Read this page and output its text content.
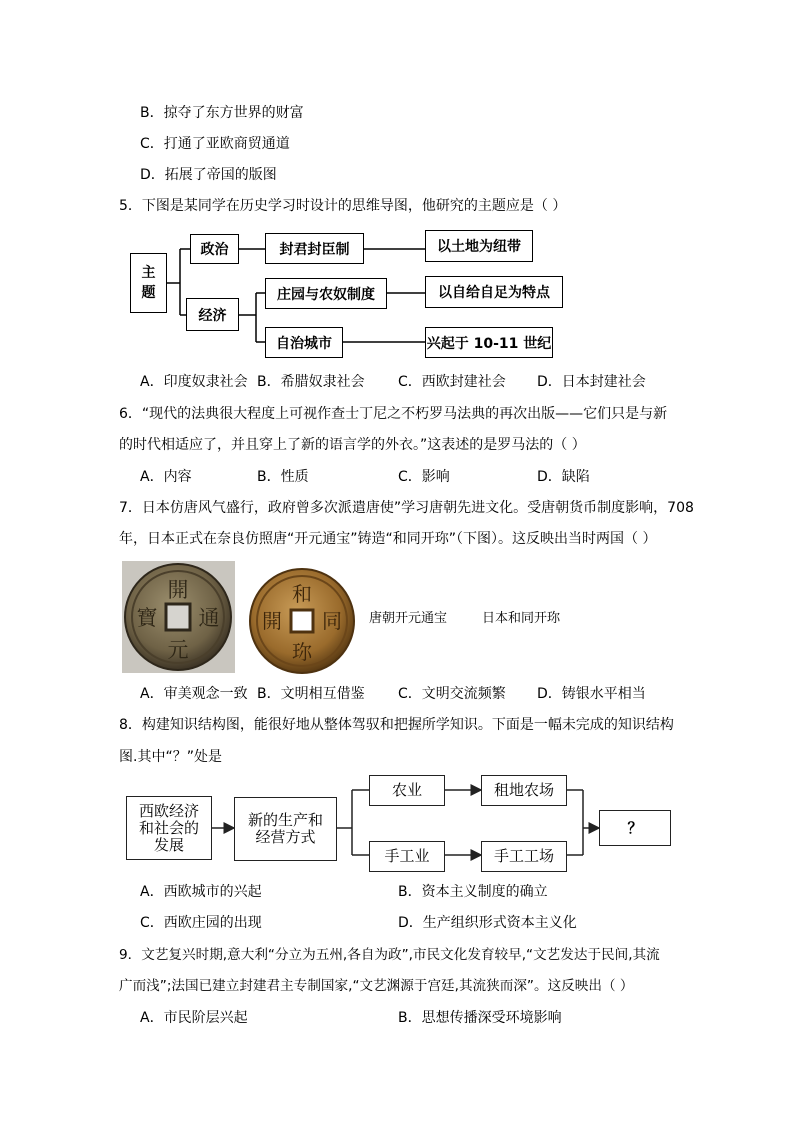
B．掠夺了东方世界的财富
C．打通了亚欧商贸通道
D．拓展了帝国的版图
5．下图是某同学在历史学习时设计的思维导图，他研究的主题应是（ ）
主
题
政治
经济
封君封臣制	以土地为纽带
庄园与农奴制度	以自给自足为特点
自治城市	兴起于 10-11 世纪
A．印度奴隶社会 B．希腊奴隶社会 C．西欧封建社会 D．日本封建社会
6．“现代的法典很大程度上可视作查士丁尼之不朽罗马法典的再次出版——它们只是与新
的时代相适应了，并且穿上了新的语言学的外衣。”这表述的是罗马法的（ ）
A．内容	B．性质	C．影响	D．缺陷
7．日本仿唐风气盛行，政府曾多次派遣唐使”学习唐朝先进文化。受唐朝货币制度影响，708
年，日本正式在奈良仿照唐“开元通宝”铸造“和同开珎”（下图）。这反映出当时两国（ ）
開
通
元
寶
和
同
開
珎
唐朝开元通宝	日本和同开珎
A．审美观念一致 B．文明相互借鉴 C．文明交流频繁 D．铸银水平相当
8．构建知识结构图，能很好地从整体驾驭和把握所学知识。下面是一幅未完成的知识结构
图.其中“？”处是
西欧经济
和社会的
发展
新的生产和
经营方式
农业	租地农场
手工业	手工工场
？
A．西欧城市的兴起	B．资本主义制度的确立
C．西欧庄园的出现	D．生产组织形式资本主义化
9．文艺复兴时期,意大利“分立为五州,各自为政”,市民文化发育较早,“文艺发达于民间,其流
广而浅”;法国已建立封建君主专制国家,“文艺渊源于宫廷,其流狭而深”。这反映出（ ）
A．市民阶层兴起	B．思想传播深受环境影响
